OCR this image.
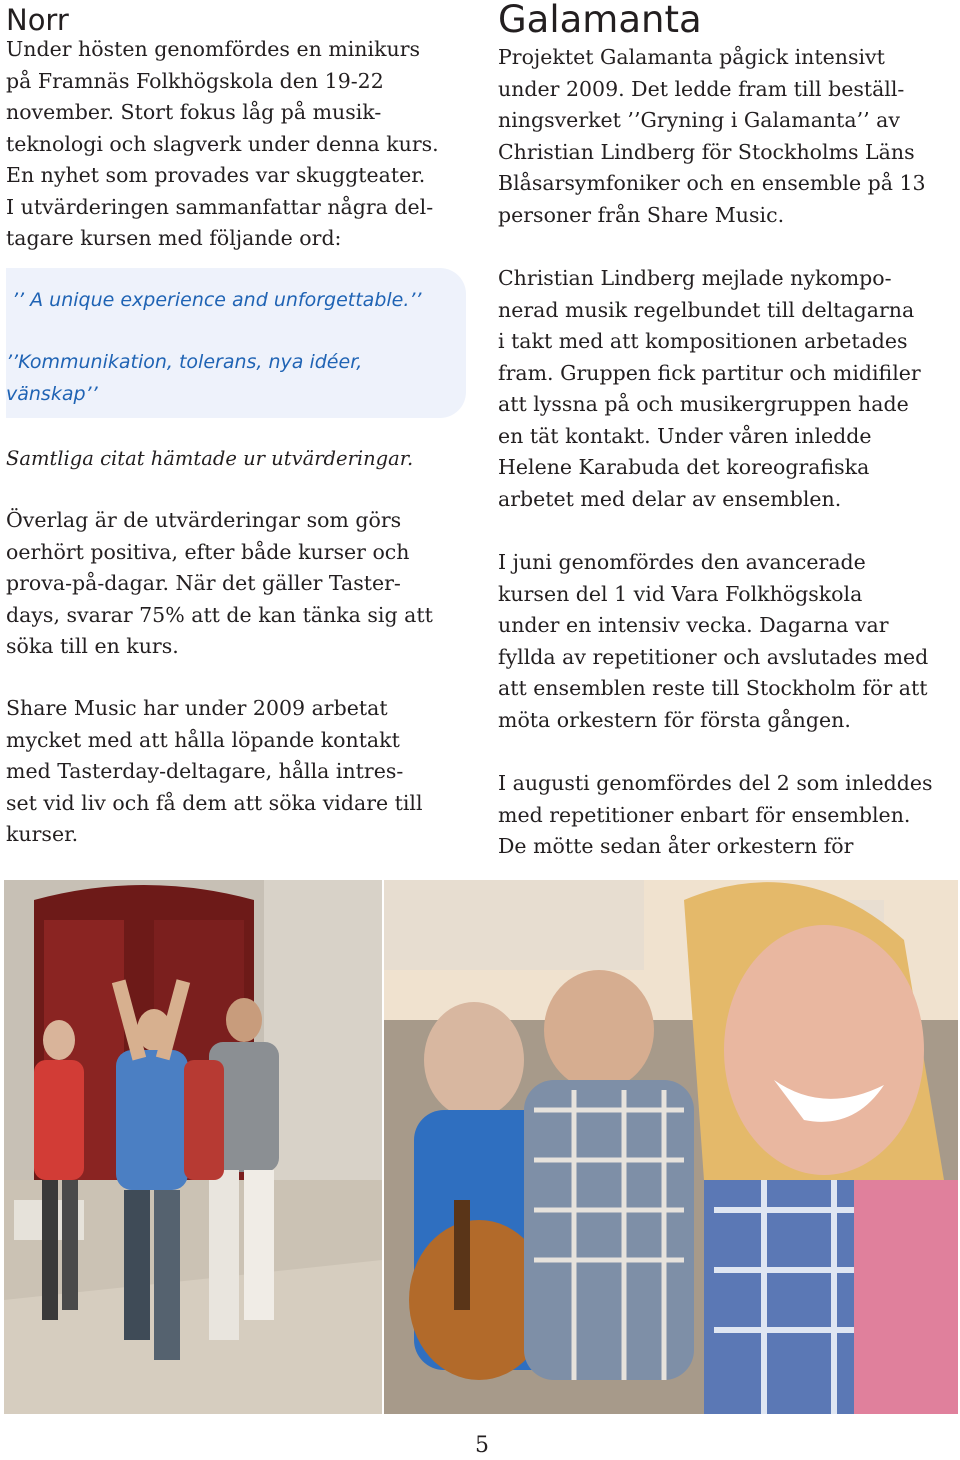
Norr

Under hösten genomfördes en minikurs
på Framnäs Folkhögskola den 19-22
november. Stort fokus låg på musik-
teknologi och slagverk under denna kurs.
En nyhet som provades var skuggteater.
I utvärderingen sammanfattar några del-
tagare kursen med följande ord:

’’ A unique experience and unforgettable.’’
’’Kommunikation, tolerans, nya idéer,
vänskap’’
Samtliga citat hämtade ur utvärderingar.

Överlag är de utvärderingar som görs
oerhört positiva, efter både kurser och
prova-på-dagar. När det gäller Taster-
days, svarar 75% att de kan tänka sig att
söka till en kurs.

Share Music har under 2009 arbetat
mycket med att hålla löpande kontakt
med Tasterday-deltagare, hålla intres-
set vid liv och få dem att söka vidare till
kurser.

Galamanta

Projektet Galamanta pågick intensivt
under 2009. Det ledde fram till beställ-
ningsverket ’’Gryning i Galamanta’’ av
Christian Lindberg för Stockholms Läns
Blåsarsymfoniker och en ensemble på 13
personer från Share Music.

Christian Lindberg mejlade nykompo-
nerad musik regelbundet till deltagarna
i takt med att kompositionen arbetades
fram. Gruppen fick partitur och midifiler
att lyssna på och musikergruppen hade
en tät kontakt. Under våren inledde
Helene Karabuda det koreografiska
arbetet med delar av ensemblen.

I juni genomfördes den avancerade
kursen del 1 vid Vara Folkhögskola
under en intensiv vecka. Dagarna var
fyllda av repetitioner och avslutades med
att ensemblen reste till Stockholm för att
möta orkestern för första gången.

I augusti genomfördes del 2 som inleddes
med repetitioner enbart för ensemblen.
De mötte sedan åter orkestern för

5
